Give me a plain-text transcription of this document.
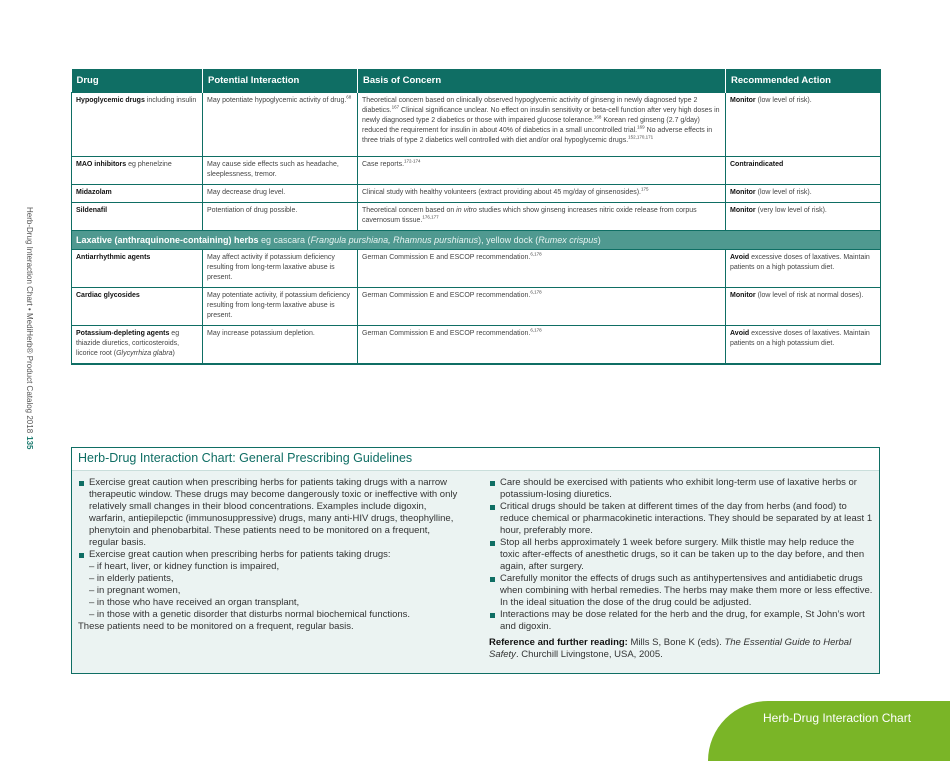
Herb-Drug Interaction Chart • MediHerb® Product Catalog 2018135
Drug	Potential Interaction	Basis of Concern	Recommended Action
Hypoglycemic drugs including insulin	May potentiate hypoglycemic activity of drug.$^{68}$	Theoretical concern based on clinically observed hypoglycemic activity of ginseng in newly diagnosed type 2 diabetics.$^{167}$ Clinical significance unclear. No effect on insulin sensitivity or beta-cell function after very high doses in newly diagnosed type 2 diabetics or those with impaired glucose tolerance.$^{168}$ Korean red ginseng (2.7 g/day) reduced the requirement for insulin in about 40% of diabetics in a small uncontrolled trial.$^{169}$ No adverse effects in three trials of type 2 diabetics well controlled with diet and/or oral hypoglycemic drugs.$^{152,170,171}$	Monitor (low level of risk).
MAO inhibitors eg phenelzine	May cause side effects such as headache, sleeplessness, tremor.	Case reports.$^{172-174}$	Contraindicated
Midazolam	May decrease drug level.	Clinical study with healthy volunteers (extract providing about 45 mg/day of ginsenosides).$^{175}$	Monitor (low level of risk).
Sildenafil	Potentiation of drug possible.	Theoretical concern based on in vitro studies which show ginseng increases nitric oxide release from corpus cavernosum tissue.$^{176,177}$	Monitor (very low level of risk).
Laxative (anthraquinone-containing) herbs eg cascara (Frangula purshiana, Rhamnus purshianus), yellow dock (Rumex crispus)			
Antiarrhythmic agents	May affect activity if potassium deficiency resulting from long-term laxative abuse is present.	German Commission E and ESCOP recommendation.$^{6,178}$	Avoid excessive doses of laxatives. Maintain patients on a high potassium diet.
Cardiac glycosides	May potentiate activity, if potassium deficiency resulting from long-term laxative abuse is present.	German Commission E and ESCOP recommendation.$^{6,178}$	Monitor (low level of risk at normal doses).
Potassium-depleting agents eg thiazide diuretics, corticosteroids, licorice root (Glycyrrhiza glabra)	May increase potassium depletion.	German Commission E and ESCOP recommendation.$^{6,178}$	Avoid excessive doses of laxatives. Maintain patients on a high potassium diet.
Herb-Drug Interaction Chart: General Prescribing Guidelines
Exercise great caution when prescribing herbs for patients taking drugs with a narrow therapeutic window. These drugs may become dangerously toxic or ineffective with only relatively small changes in their blood concentrations. Examples include digoxin, warfarin, antiepilepctic (immunosuppressive) drugs, many anti-HIV drugs, theophylline, phenytoin and phenobarbital. These patients need to be monitored on a frequent, regular basis.
Exercise great caution when prescribing herbs for patients taking drugs:
– if heart, liver, or kidney function is impaired,
– in elderly patients,
– in pregnant women,
– in those who have received an organ transplant,
– in those with a genetic disorder that disturbs normal biochemical functions.
These patients need to be monitored on a frequent, regular basis.
Care should be exercised with patients who exhibit long-term use of laxative herbs or potassium-losing diuretics.
Critical drugs should be taken at different times of the day from herbs (and food) to reduce chemical or pharmacokinetic interactions. They should be separated by at least 1 hour, preferably more.
Stop all herbs approximately 1 week before surgery. Milk thistle may help reduce the toxic after-effects of anesthetic drugs, so it can be taken up to the day before, and then again, after surgery.
Carefully monitor the effects of drugs such as antihypertensives and antidiabetic drugs when combining with herbal remedies. The herbs may make them more or less effective. In the ideal situation the dose of the drug could be adjusted.
Interactions may be dose related for the herb and the drug, for example, St John’s wort and digoxin.
Reference and further reading: Mills S, Bone K (eds). The Essential Guide to Herbal Safety. Churchill Livingstone, USA, 2005.
Herb-Drug Interaction Chart
